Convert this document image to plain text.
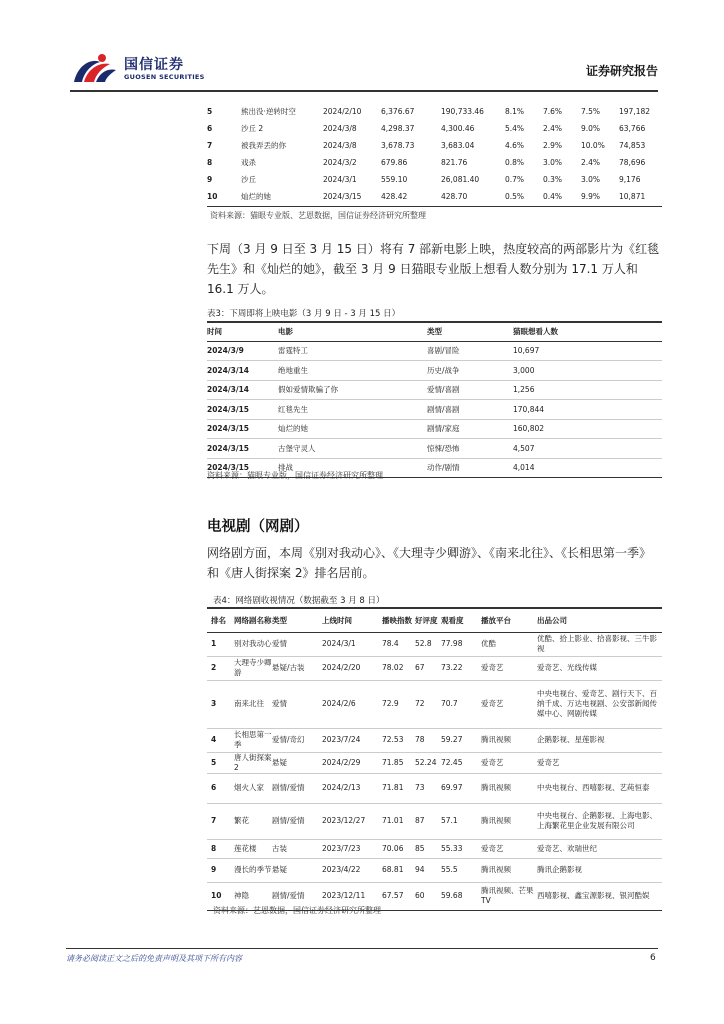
国信证券
GUOSEN SECURITIES	证券研究报告
5	熊出没·逆转时空	2024/2/10	6,376.67	190,733.46	8.1%	7.6%	7.5%	197,182
6	沙丘 2	2024/3/8	4,298.37	4,300.46	5.4%	2.4%	9.0%	63,766
7	被我弄丢的你	2024/3/8	3,678.73	3,683.04	4.6%	2.9%	10.0%	74,853
8	戏杀	2024/3/2	679.86	821.76	0.8%	3.0%	2.4%	78,696
9	沙丘	2024/3/1	559.10	26,081.40	0.7%	0.3%	3.0%	9,176
10	灿烂的她	2024/3/15	428.42	428.70	0.5%	0.4%	9.9%	10,871
资料来源：猫眼专业版、艺恩数据，国信证券经济研究所整理
下周（3 月 9 日至 3 月 15 日）将有 7 部新电影上映，热度较高的两部影片为《红毯先生》和《灿烂的她》，截至 3 月 9 日猫眼专业版上想看人数分别为 17.1 万人和 16.1 万人。
表3：下周即将上映电影（3 月 9 日 - 3 月 15 日）
时间	电影	类型	猫眼想看人数
2024/3/9	雷霆特工	喜剧/冒险	10,697
2024/3/14	绝地重生	历史/战争	3,000
2024/3/14	假如爱情欺骗了你	爱情/喜剧	1,256
2024/3/15	红毯先生	剧情/喜剧	170,844
2024/3/15	灿烂的她	剧情/家庭	160,802
2024/3/15	古堡守灵人	惊悚/恐怖	4,507
2024/3/15	排战	动作/剧情	4,014
资料来源：猫眼专业版，国信证券经济研究所整理
电视剧（网剧）
网络剧方面，本周《别对我动心》、《大理寺少卿游》、《南来北往》、《长相思第一季》和《唐人街探案 2》排名居前。
表4：网络剧收视情况（数据截至 3 月 8 日）
排名	网络剧名称	类型	上线时间	播映指数	好评度	观看度	播放平台	出品公司
1	别对我动心	爱情	2024/3/1	78.4	52.8	77.98	优酷	优酷、拾上影业、拾喜影视、三牛影视
2	大理寺少卿游	悬疑/古装	2024/2/20	78.02	67	73.22	爱奇艺	爱奇艺、光线传媒
3	南来北往	爱情	2024/2/6	72.9	72	70.7	爱奇艺	中央电视台、爱奇艺、剧行天下、百纳千成、万达电视剧、公安部新闻传媒中心、网剧传媒
4	长相思第一季	爱情/奇幻	2023/7/24	72.53	78	59.27	腾讯视频	企鹅影视、星莲影视
5	唐人街探案2	悬疑	2024/2/29	71.85	52.24	72.45	爱奇艺	爱奇艺
6	烟火人家	剧情/爱情	2024/2/13	71.81	73	69.97	腾讯视频	中央电视台、西嘻影视、艺莼恒泰
7	繁花	剧情/爱情	2023/12/27	71.01	87	57.1	腾讯视频	中央电视台、企鹅影视、上海电影、上海繁花里企业发展有限公司
8	莲花楼	古装	2023/7/23	70.06	85	55.33	爱奇艺	爱奇艺、欢瑞世纪
9	漫长的季节	悬疑	2023/4/22	68.81	94	55.5	腾讯视频	腾讯企鹅影视
10	神隐	剧情/爱情	2023/12/11	67.57	60	59.68	腾讯视频、芒果 TV	西嘻影视、鑫宝源影视、银河酷娱
资料来源：艺恩数据，国信证券经济研究所整理
请务必阅读正文之后的免责声明及其项下所有内容	6
